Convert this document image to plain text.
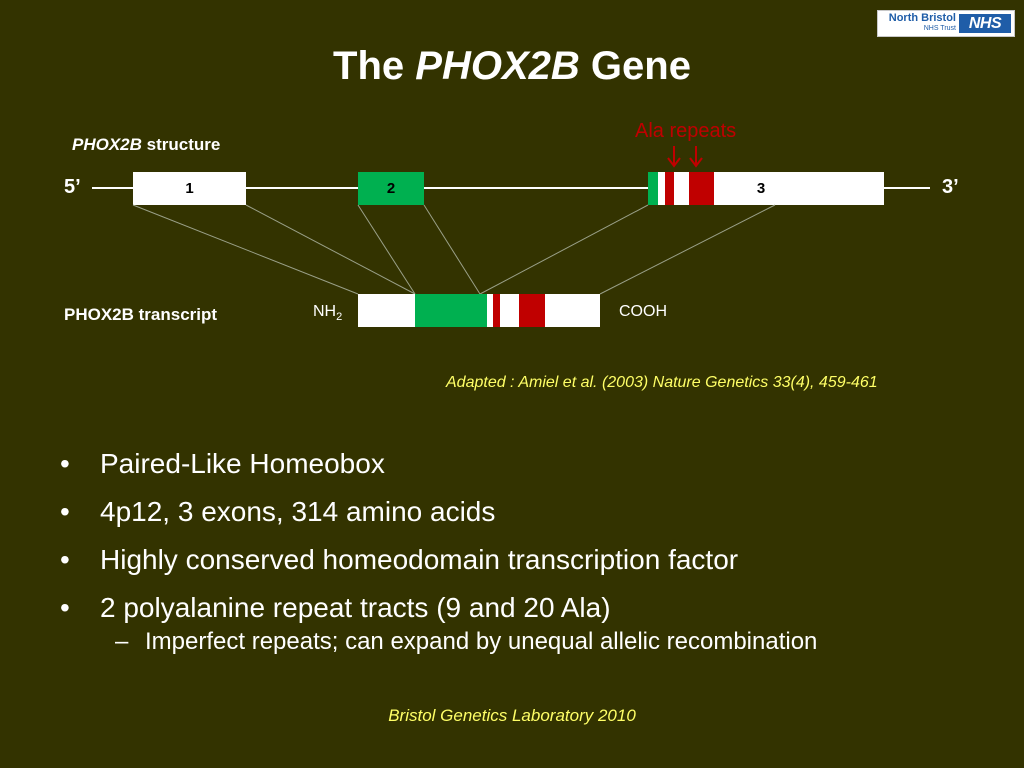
North Bristol
NHS Trust NHS
The PHOX2B Gene
PHOX2B structure
5’	3’
1	2	3
Ala repeats
PHOX2B transcript	$NH_2$	COOH
Adapted : Amiel et al. (2003) Nature Genetics 33(4), 459-461
• Paired-Like Homeobox
• 4p12, 3 exons, 314 amino acids
• Highly conserved homeodomain transcription factor
• 2 polyalanine repeat tracts (9 and 20 Ala)
– Imperfect repeats; can expand by unequal allelic recombination
Bristol Genetics Laboratory 2010
